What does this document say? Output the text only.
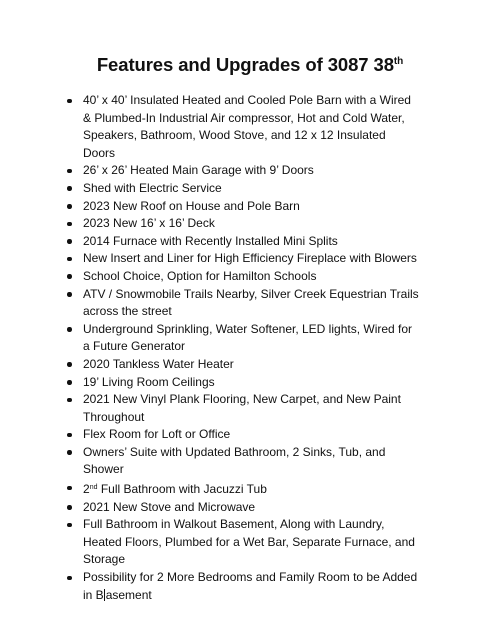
Features and Upgrades of 3087 38th
40’ x 40’ Insulated Heated and Cooled Pole Barn with a Wired & Plumbed-In Industrial Air compressor, Hot and Cold Water, Speakers, Bathroom, Wood Stove, and 12 x 12 Insulated Doors
26’ x 26’ Heated Main Garage with 9’ Doors
Shed with Electric Service
2023 New Roof on House and Pole Barn
2023 New 16’ x 16’ Deck
2014 Furnace with Recently Installed Mini Splits
New Insert and Liner for High Efficiency Fireplace with Blowers
School Choice, Option for Hamilton Schools
ATV / Snowmobile Trails Nearby, Silver Creek Equestrian Trails across the street
Underground Sprinkling, Water Softener, LED lights, Wired for a Future Generator
2020 Tankless Water Heater
19’ Living Room Ceilings
2021 New Vinyl Plank Flooring, New Carpet, and New Paint Throughout
Flex Room for Loft or Office
Owners’ Suite with Updated Bathroom, 2 Sinks, Tub, and Shower
2nd Full Bathroom with Jacuzzi Tub
2021 New Stove and Microwave
Full Bathroom in Walkout Basement, Along with Laundry, Heated Floors, Plumbed for a Wet Bar, Separate Furnace, and Storage
Possibility for 2 More Bedrooms and Family Room to be Added in B asement
